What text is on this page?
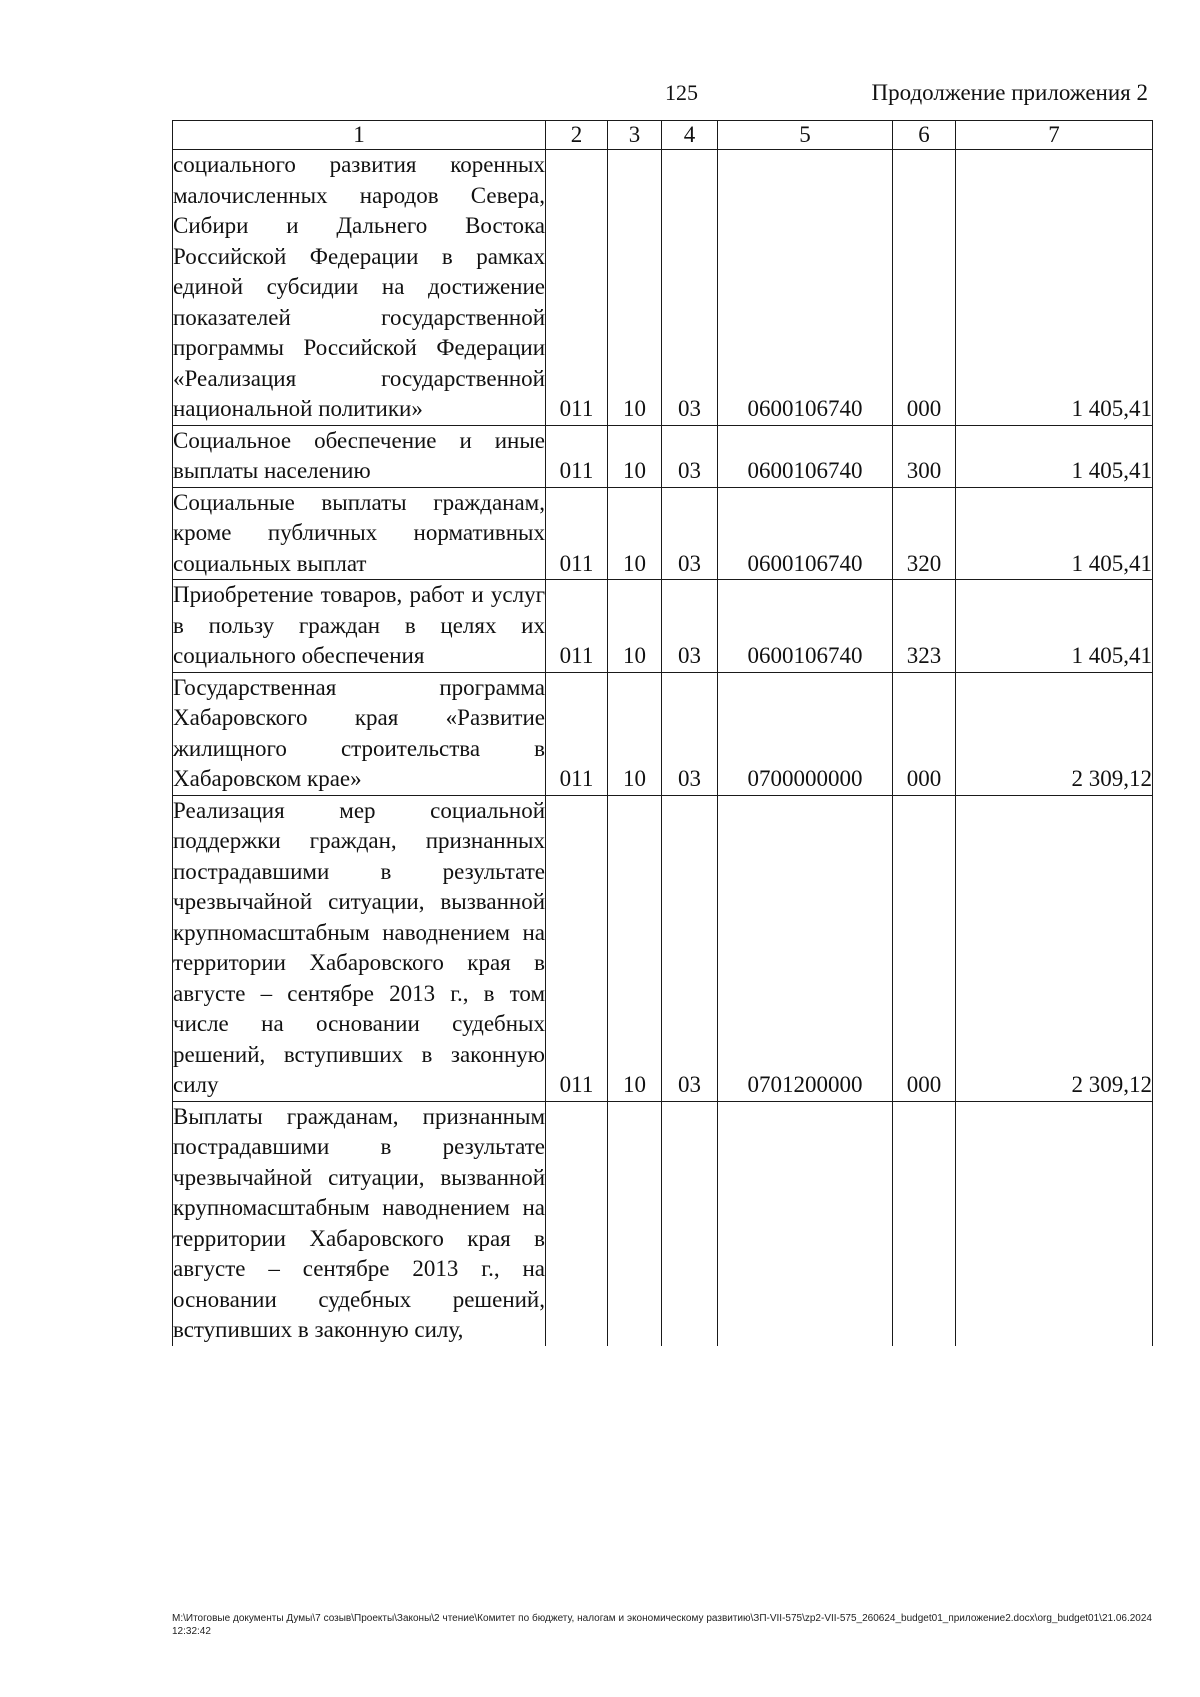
125	Продолжение приложения 2
1	2	3	4	5	6	7
социального развития коренных малочисленных народов Севера, Сибири и Дальнего Востока Российской Федерации в рамках единой субсидии на достижение показателей государственной программы Российской Федерации «Реализация государственной национальной политики»	011	10	03	0600106740	000	1 405,41
Социальное обеспечение и иные выплаты населению	011	10	03	0600106740	300	1 405,41
Социальные выплаты гражданам, кроме публичных нормативных социальных выплат	011	10	03	0600106740	320	1 405,41
Приобретение товаров, работ и услуг в пользу граждан в целях их социального обеспечения	011	10	03	0600106740	323	1 405,41
Государственная программа Хабаровского края «Развитие жилищного строительства в Хабаровском крае»	011	10	03	0700000000	000	2 309,12
Реализация мер социальной поддержки граждан, признанных пострадавшими в результате чрезвычайной ситуации, вызванной крупномасштабным наводнением на территории Хабаровского края в августе – сентябре 2013 г., в том числе на основании судебных решений, вступивших в законную силу	011	10	03	0701200000	000	2 309,12
Выплаты гражданам, признанным пострадавшими в результате чрезвычайной ситуации, вызванной крупномасштабным наводнением на территории Хабаровского края в августе – сентябре 2013 г., на основании судебных решений, вступивших в законную силу,						
M:\Итоговые документы Думы\7 созыв\Проекты\Законы\2 чтение\Комитет по бюджету, налогам и экономическому развитию\ЗП-VII-575\zp2-VII-575_260624_budget01_приложение2.docx\org_budget01\21.06.2024 12:32:42
